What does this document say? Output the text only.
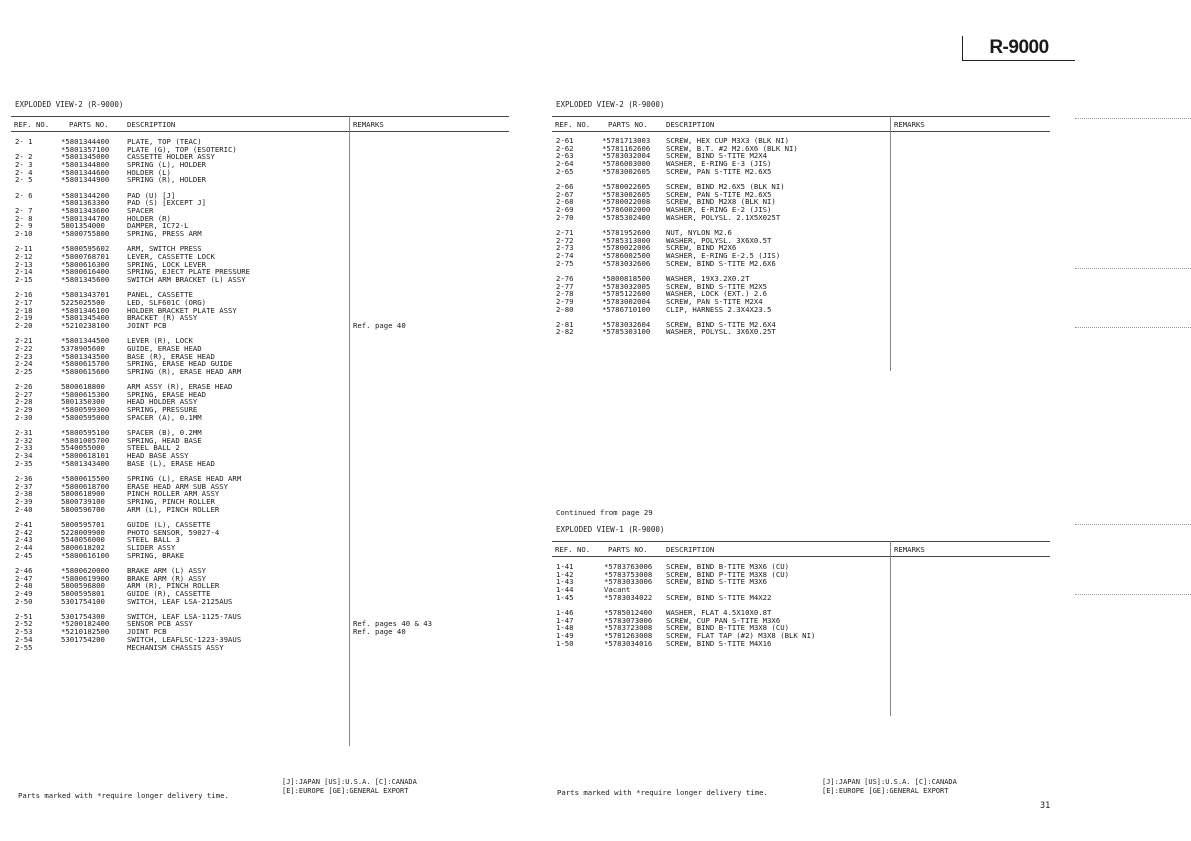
R-9000
EXPLODED VIEW-2 (R-9000)
REF. NO.	PARTS NO.	DESCRIPTION	REMARKS
2- 1	*5801344400 PLATE, TOP (TEAC)
*5801357100 PLATE (G), TOP (ESOTERIC)
2- 2	*5801345000 CASSETTE HOLDER ASSY
2- 3	*5801344800 SPRING (L), HOLDER
2- 4	*5801344600 HOLDER (L)
2- 5	*5801344900 SPRING (R), HOLDER
2- 6	*5801344200 PAD (U) [J]
*5801363300 PAD (S) [EXCEPT J]
2- 7	*5801343600 SPACER
2- 8	*5801344700 HOLDER (R)
2- 9	5801354000	DAMPER, IC72-L
2-10	*5800755800 SPRING, PRESS ARM
2-11	*5800595602 ARM, SWITCH PRESS
2-12	*5800768701 LEVER, CASSETTE LOCK
2-13	*5800616300 SPRING, LOCK LEVER
2-14	*5800616400 SPRING, EJECT PLATE PRESSURE
2-15	*5801345600 SWITCH ARM BRACKET (L) ASSY
2-16	*5801343701 PANEL, CASSETTE
2-17	5225025500	LED, SLF601C (ORG)
2-18	*5801346100 HOLDER BRACKET PLATE ASSY
2-19	*5801345400 BRACKET (R) ASSY
2-20	*5210238100 JOINT PCB	Ref. page 40
2-21	*5801344500 LEVER (R), LOCK
2-22	5378905600	GUIDE, ERASE HEAD
2-23	*5801343500 BASE (R), ERASE HEAD
2-24	*5800615700 SPRING, ERASE HEAD GUIDE
2-25	*5800615600 SPRING (R), ERASE HEAD ARM
2-26	5800618800	ARM ASSY (R), ERASE HEAD
2-27	*5800615300 SPRING, ERASE HEAD
2-28	5801350300	HEAD HOLDER ASSY
2-29	*5800599300 SPRING, PRESSURE
2-30	*5800595000 SPACER (A), 0.1MM
2-31	*5800595100 SPACER (B), 0.2MM
2-32	*5801005700 SPRING, HEAD BASE
2-33	5540055000	STEEL BALL 2
2-34	*5800618101 HEAD BASE ASSY
2-35	*5801343400 BASE (L), ERASE HEAD
2-36	*5800615500 SPRING (L), ERASE HEAD ARM
2-37	*5800618700 ERASE HEAD ARM SUB ASSY
2-38	5800618900	PINCH ROLLER ARM ASSY
2-39	5800739100	SPRING, PINCH ROLLER
2-40	5800596700	ARM (L), PINCH ROLLER
2-41	5800595701	GUIDE (L), CASSETTE
2-42	5228009900	PHOTO SENSOR, 59027-4
2-43	5540056000	STEEL BALL 3
2-44	5800618202	SLIDER ASSY
2-45	*5800616100 SPRING, BRAKE
2-46	*5800620000 BRAKE ARM (L) ASSY
2-47	*5800619900 BRAKE ARM (R) ASSY
2-48	5800596800	ARM (R), PINCH ROLLER
2-49	5800595801	GUIDE (R), CASSETTE
2-50	5301754100	SWITCH, LEAF LSA-2125AUS
2-51	5301754300	SWITCH, LEAF LSA-1125-7AUS
2-52	*5200182400 SENSOR PCB ASSY	Ref. pages 40 & 43
2-53	*5210182500 JOINT PCB	Ref. page 40
2-54	5301754200	SWITCH, LEAFLSC-1223-39AUS
2-55	MECHANISM CHASSIS ASSY
EXPLODED VIEW-2 (R-9000)
REF. NO. PARTS NO.	DESCRIPTION	REMARKS
2-61	*5781713003 SCREW, HEX CUP M3X3 (BLK NI)
2-62	*5781162606 SCREW, B.T. #2 M2.6X6 (BLK NI)
2-63	*5783032004 SCREW, BIND S-TITE M2X4
2-64	*5786003000 WASHER, E-RING E-3 (JIS)
2-65	*5783002605 SCREW, PAN S-TITE M2.6X5
2-66	*5780022605 SCREW, BIND M2.6X5 (BLK NI)
2-67	*5783002605 SCREW, PAN S-TITE M2.6X5
2-68	*5780022008 SCREW, BIND M2X8 (BLK NI)
2-69	*5786002000 WASHER, E-RING E-2 (JIS)
2-70	*5785302400 WASHER, POLYSL. 2.1X5X025T
2-71	*5781952600 NUT, NYLON M2.6
2-72	*5785313000 WASHER, POLYSL. 3X6X0.5T
2-73	*5780022006 SCREW, BIND M2X6
2-74	*5786002500 WASHER, E-RING E-2.5 (JIS)
2-75	*5783032606 SCREW, BIND S-TITE M2.6X6
2-76	*5800818500 WASHER, 19X3.2X0.2T
2-77	*5783032005 SCREW, BIND S-TITE M2X5
2-78	*5785122600 WASHER, LOCK (EXT.) 2.6
2-79	*5783002004 SCREW, PAN S-TITE M2X4
2-80	*5786710100 CLIP, HARNESS 2.3X4X23.5
2-81	*5783032604 SCREW, BIND S-TITE M2.6X4
2-82	*5785303100 WASHER, POLYSL. 3X6X0.25T
Continued from page 29
EXPLODED VIEW-1 (R-9000)
REF. NO. PARTS NO.	DESCRIPTION	REMARKS
1-41	*5783763006 SCREW, BIND B-TITE M3X6 (CU)
1-42	*5783753008 SCREW, BIND P-TITE M3X8 (CU)
1-43	*5783033006 SCREW, BIND S-TITE M3X6
1-44	Vacant
1-45	*5783034022 SCREW, BIND S-TITE M4X22
1-46	*5785012400 WASHER, FLAT 4.5X10X0.8T
1-47	*5783073006 SCREW, CUP PAN S-TITE M3X6
1-48	*5783723008 SCREW, BIND B-TITE M3X8 (CU)
1-49	*5781263008 SCREW, FLAT TAP (#2) M3X8 (BLK NI)
1-50	*5783034016 SCREW, BIND S-TITE M4X16
Parts marked with *require longer delivery time.
[J]:JAPAN [US]:U.S.A. [C]:CANADA
[E]:EUROPE [GE]:GENERAL EXPORT	Parts marked with *require longer delivery time.
[J]:JAPAN [US]:U.S.A. [C]:CANADA
[E]:EUROPE [GE]:GENERAL EXPORT
31
